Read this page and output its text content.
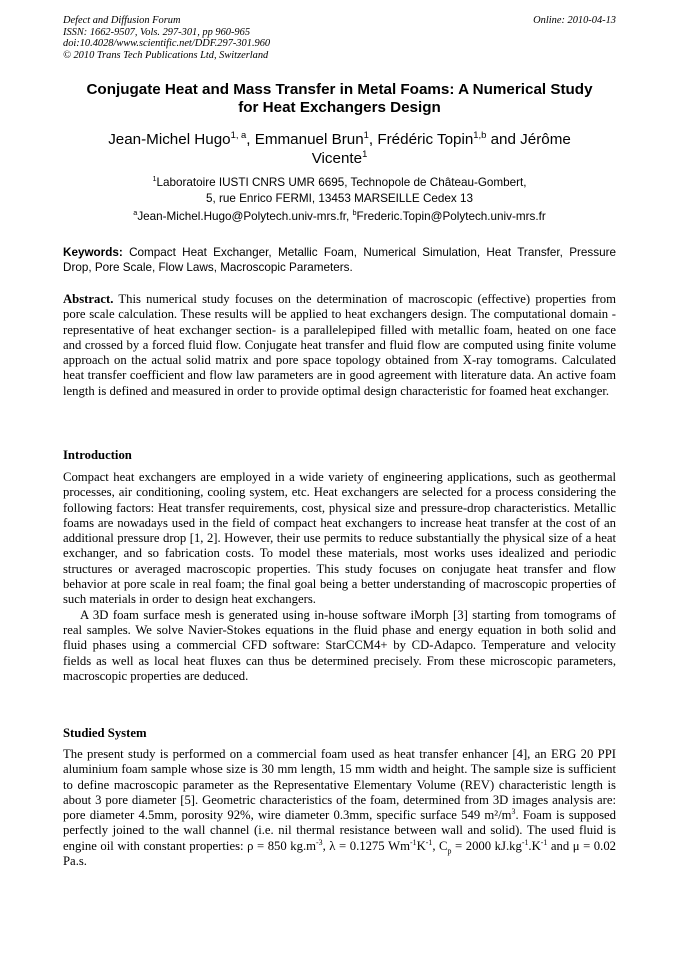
Defect and Diffusion Forum
ISSN: 1662-9507, Vols. 297-301, pp 960-965
doi:10.4028/www.scientific.net/DDF.297-301.960
© 2010 Trans Tech Publications Ltd, Switzerland
Online: 2010-04-13
Conjugate Heat and Mass Transfer in Metal Foams: A Numerical Study
for Heat Exchangers Design
Jean-Michel Hugo$^{1, a}$, Emmanuel Brun$^1$, Frédéric Topin$^{1,b}$ and Jérôme
Vicente$^1$
$^1$Laboratoire IUSTI CNRS UMR 6695, Technopole de Château-Gombert,
5, rue Enrico FERMI, 13453 MARSEILLE Cedex 13
$^a$Jean-Michel.Hugo@Polytech.univ-mrs.fr, $^b$Frederic.Topin@Polytech.univ-mrs.fr
Keywords: Compact Heat Exchanger, Metallic Foam, Numerical Simulation, Heat Transfer, Pressure Drop, Pore Scale, Flow Laws, Macroscopic Parameters.

Abstract. This numerical study focuses on the determination of macroscopic (effective) properties from pore scale calculation. These results will be applied to heat exchangers design. The computational domain -representative of heat exchanger section- is a parallelepiped filled with metallic foam, heated on one face and crossed by a forced fluid flow. Conjugate heat transfer and fluid flow are computed using finite volume approach on the actual solid matrix and pore space topology obtained from X-ray tomograms. Calculated heat transfer coefficient and flow law parameters are in good agreement with literature data. An active foam length is defined and measured in order to provide optimal design characteristic for foamed heat exchanger.

Introduction

Compact heat exchangers are employed in a wide variety of engineering applications, such as geothermal processes, air conditioning, cooling system, etc. Heat exchangers are selected for a process considering the following factors: Heat transfer requirements, cost, physical size and pressure-drop characteristics. Metallic foams are nowadays used in the field of compact heat exchangers to increase heat transfer at the cost of an additional pressure drop [1, 2]. However, their use permits to reduce substantially the physical size of a heat exchanger, and so fabrication costs. To model these materials, most works uses idealized and periodic structures or averaged macroscopic properties. This study focuses on conjugate heat transfer and flow behavior at pore scale in real foam; the final goal being a better understanding of macroscopic properties of such materials in order to design heat exchangers.

A 3D foam surface mesh is generated using in-house software iMorph [3] starting from tomograms of real samples. We solve Navier-Stokes equations in the fluid phase and energy equation in both solid and fluid phases using a commercial CFD software: StarCCM4+ by CD-Adapco. Temperature and velocity fields as well as local heat fluxes can thus be determined precisely. From these microscopic parameters, macroscopic properties are deduced.

Studied System

The present study is performed on a commercial foam used as heat transfer enhancer [4], an ERG 20 PPI aluminium foam sample whose size is 30 mm length, 15 mm width and height. The sample size is sufficient to define macroscopic parameter as the Representative Elementary Volume (REV) characteristic length is about 3 pore diameter [5]. Geometric characteristics of the foam, determined from 3D images analysis are: pore diameter 4.5mm, porosity 92%, wire diameter 0.3mm, specific surface 549 $m^2/m^3$. Foam is supposed perfectly joined to the wall channel (i.e. nil thermal resistance between wall and solid). The used fluid is engine oil with constant properties: ρ = 850 $kg.m^{-3}$, λ = 0.1275 $Wm^{-1}K^{-1}$, $C_p = 2000$ $kJ.kg^{-1}.K^{-1}$ and μ = 0.02 Pa.s.
